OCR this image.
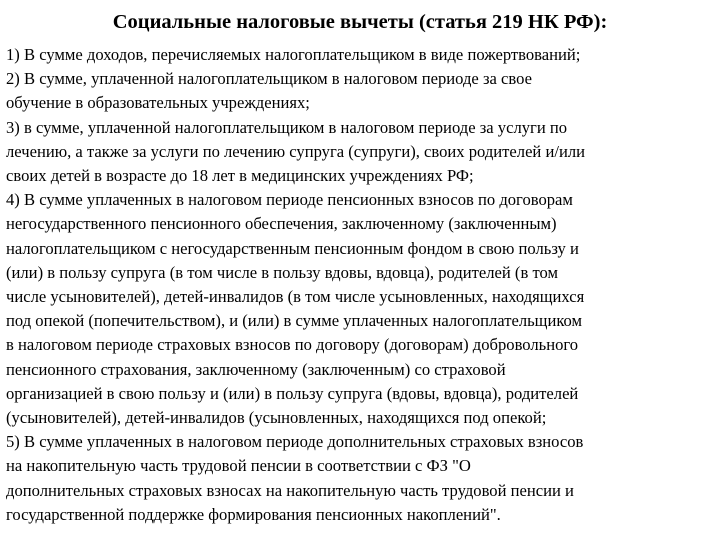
Социальные налоговые вычеты (статья 219 НК РФ):
1) В сумме доходов, перечисляемых налогоплательщиком в виде пожертвований;
2) В сумме, уплаченной налогоплательщиком в налоговом периоде за свое
обучение в образовательных учреждениях;
3) в сумме, уплаченной налогоплательщиком в налоговом периоде за услуги по
лечению, а также за услуги по лечению супруга (супруги), своих родителей и/или
своих детей в возрасте до 18 лет в медицинских учреждениях РФ;
4) В сумме уплаченных в налоговом периоде пенсионных взносов по договорам
негосударственного пенсионного обеспечения, заключенному (заключенным)
налогоплательщиком с негосударственным пенсионным фондом в свою пользу и
(или) в пользу супруга (в том числе в пользу вдовы, вдовца), родителей (в том
числе усыновителей), детей-инвалидов (в том числе усыновленных, находящихся
под опекой (попечительством), и (или) в сумме уплаченных налогоплательщиком
в налоговом периоде страховых взносов по договору (договорам) добровольного
пенсионного страхования, заключенному (заключенным) со страховой
организацией в свою пользу и (или) в пользу супруга (вдовы, вдовца), родителей
(усыновителей), детей-инвалидов (усыновленных, находящихся под опекой;
5) В сумме уплаченных в налоговом периоде дополнительных страховых взносов
на накопительную часть трудовой пенсии в соответствии с ФЗ "О
дополнительных страховых взносах на накопительную часть трудовой пенсии и
государственной поддержке формирования пенсионных накоплений".
